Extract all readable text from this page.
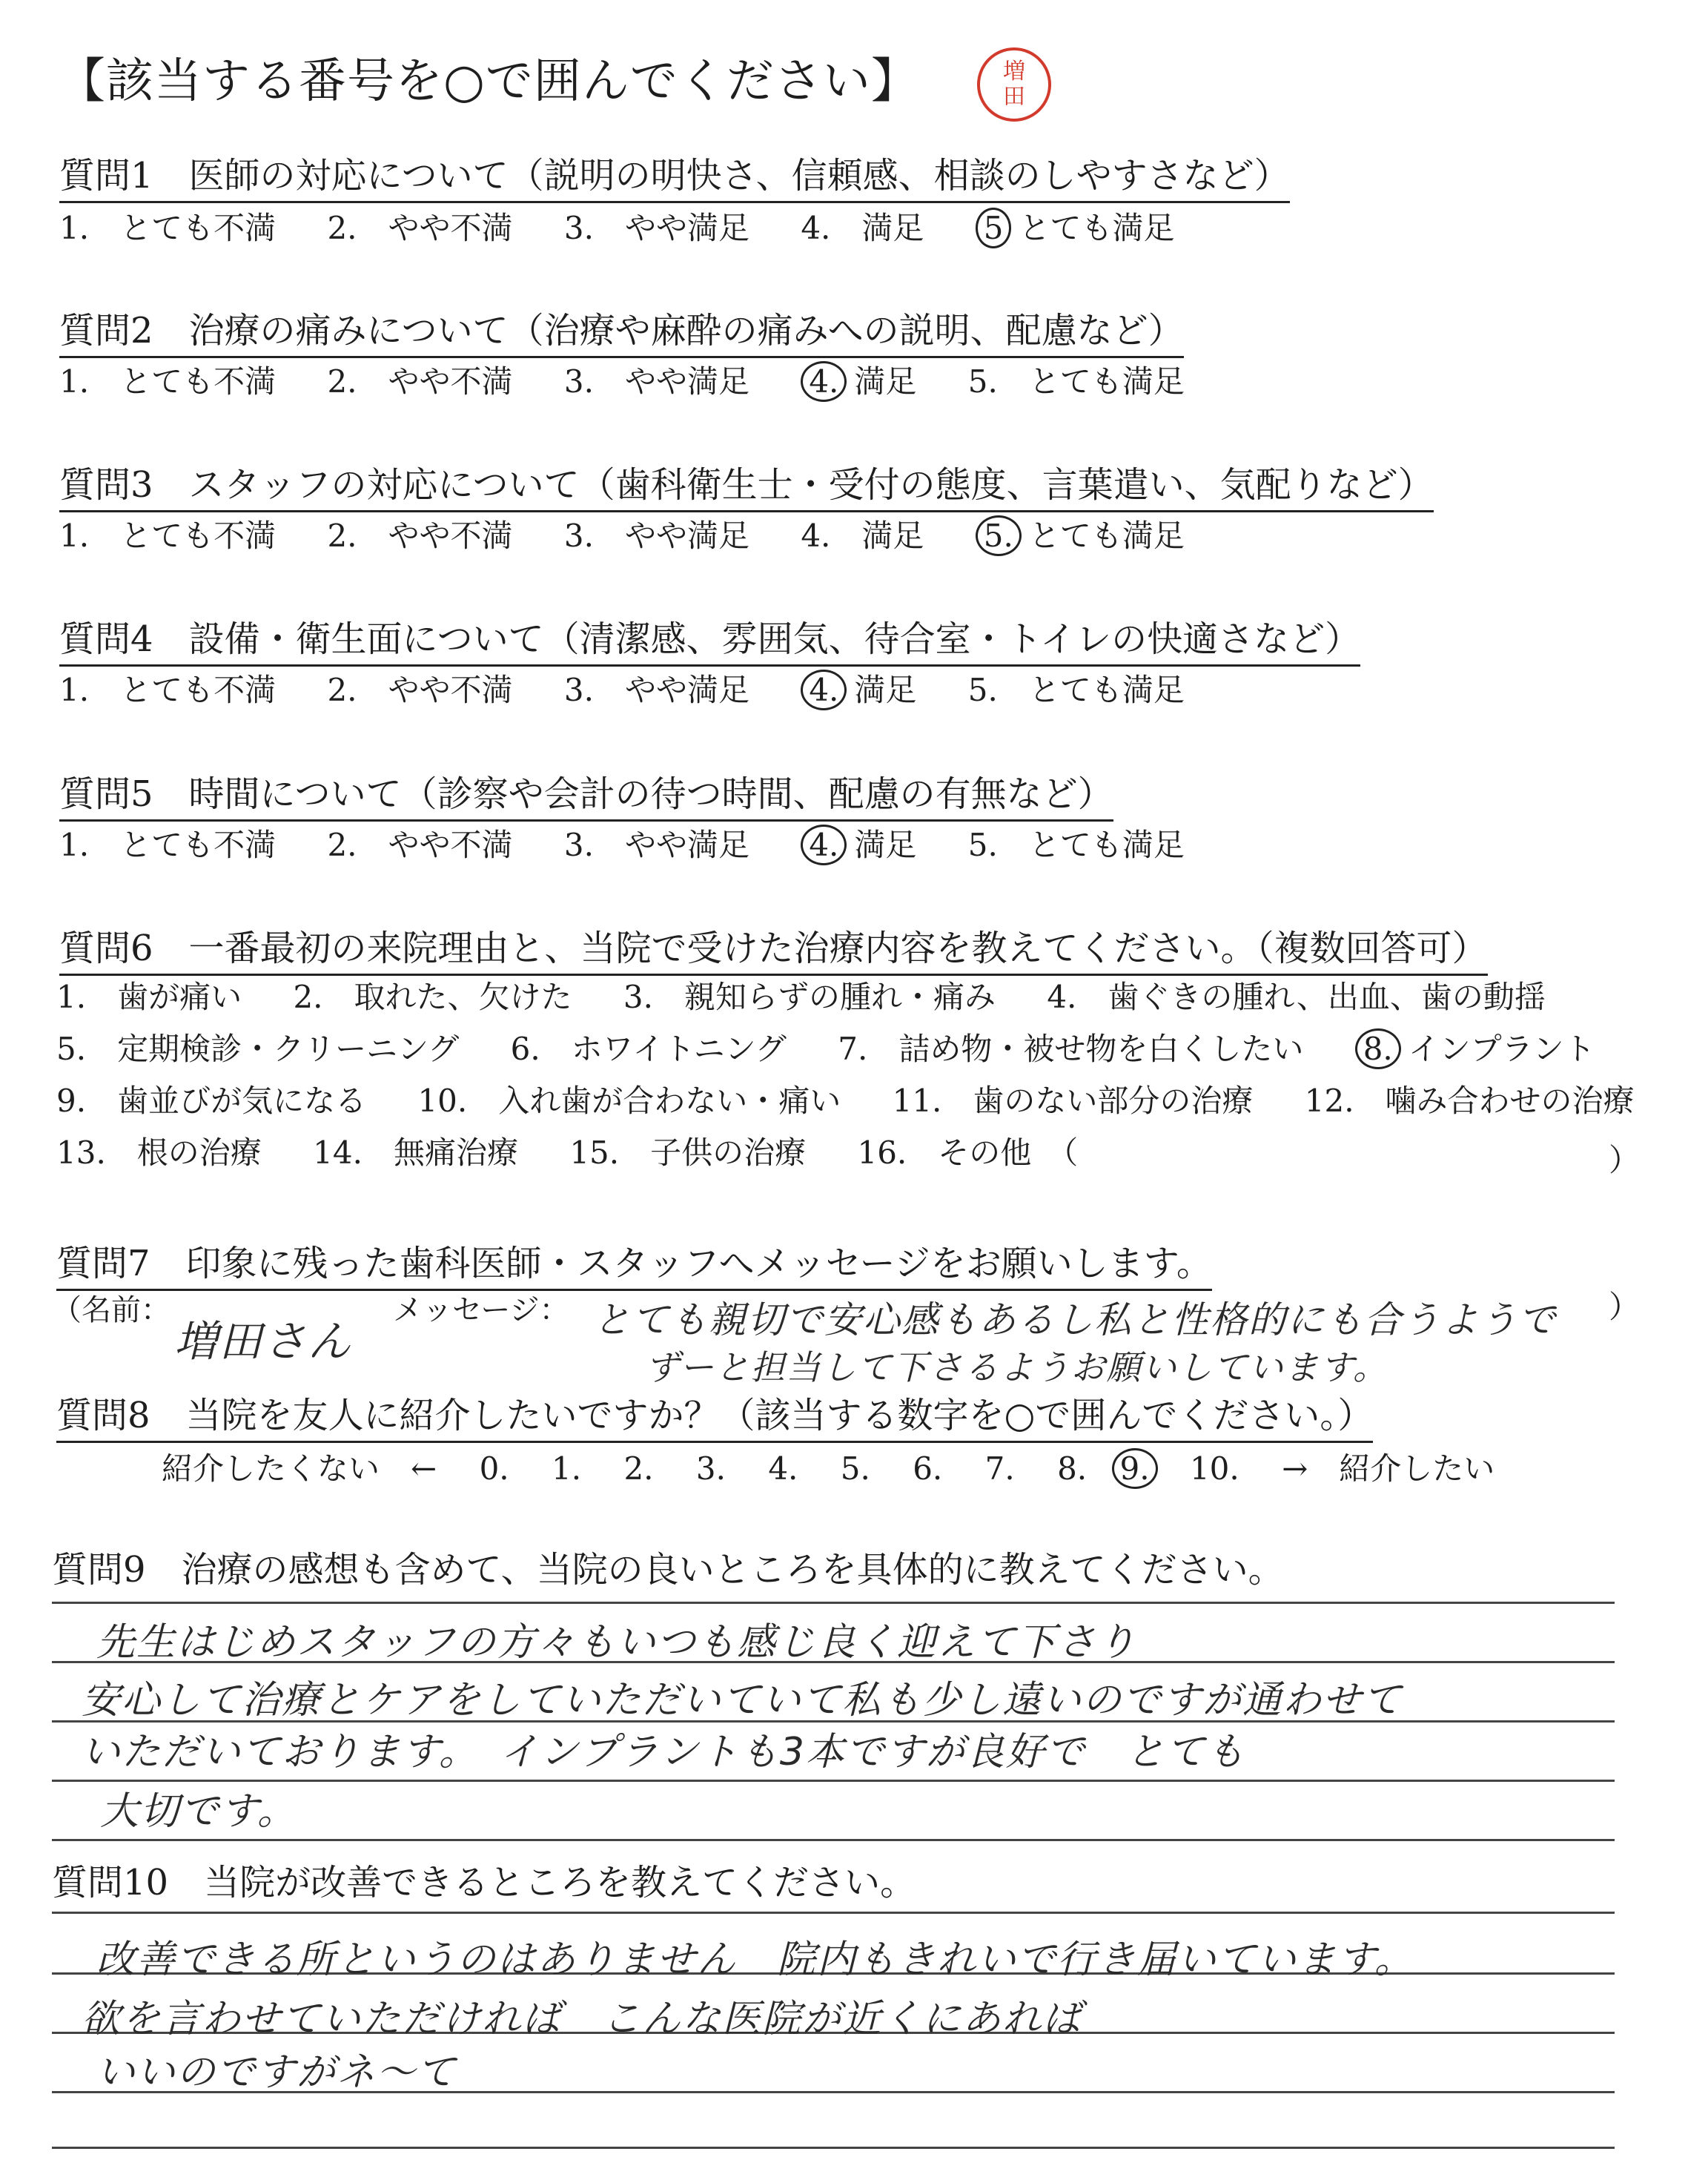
【該当する番号を○で囲んでください】	増
田
質問1　医師の対応について（説明の明快さ、信頼感、相談のしやすさなど）
1.　とても不満 2.　やや不満 3.　やや満足 4.　満足 5 とても満足
質問2　治療の痛みについて（治療や麻酔の痛みへの説明、配慮など）
1.　とても不満 2.　やや不満 3.　やや満足 4. 満足 5.　とても満足
質問3　スタッフの対応について（歯科衛生士・受付の態度、言葉遣い、気配りなど）
1.　とても不満 2.　やや不満 3.　やや満足 4.　満足 5. とても満足
質問4　設備・衛生面について（清潔感、雰囲気、待合室・トイレの快適さなど）
1.　とても不満 2.　やや不満 3.　やや満足 4. 満足 5.　とても満足
質問5　時間について（診察や会計の待つ時間、配慮の有無など）
1.　とても不満 2.　やや不満 3.　やや満足 4. 満足 5.　とても満足
質問6　一番最初の来院理由と、当院で受けた治療内容を教えてください。（複数回答可）
1.　歯が痛い 2.　取れた、欠けた 3.　親知らずの腫れ・痛み 4.　歯ぐきの腫れ、出血、歯の動揺
5.　定期検診・クリーニング 6.　ホワイトニング 7.　詰め物・被せ物を白くしたい 8. インプラント
9.　歯並びが気になる 10.　入れ歯が合わない・痛い 11.　歯のない部分の治療 12.　噛み合わせの治療
13.　根の治療 14.　無痛治療 15.　子供の治療 16.　その他　（	）
質問7　印象に残った歯科医師・スタッフへメッセージをお願いします。
（名前：
増田さん
メッセージ： とても親切で安心感もあるし私と性格的にも合うようで
ずーと担当して下さるようお願いしています。
）
質問8　当院を友人に紹介したいですか？（該当する数字を○で囲んでください。）
紹介したくない　← 0. 1. 2. 3. 4. 5. 6. 7. 8. 9. 10. →　紹介したい
質問9　治療の感想も含めて、当院の良いところを具体的に教えてください。
先生はじめスタッフの方々もいつも感じ良く迎えて下さり
安心して治療とケアをしていただいていて私も少し遠いのですが通わせて
いただいております。　インプラントも3本ですが良好で　とても
大切です。
質問10　当院が改善できるところを教えてください。
改善できる所というのはありません　院内もきれいで行き届いています。
欲を言わせていただければ　こんな医院が近くにあれば
いいのですがネ〜て
